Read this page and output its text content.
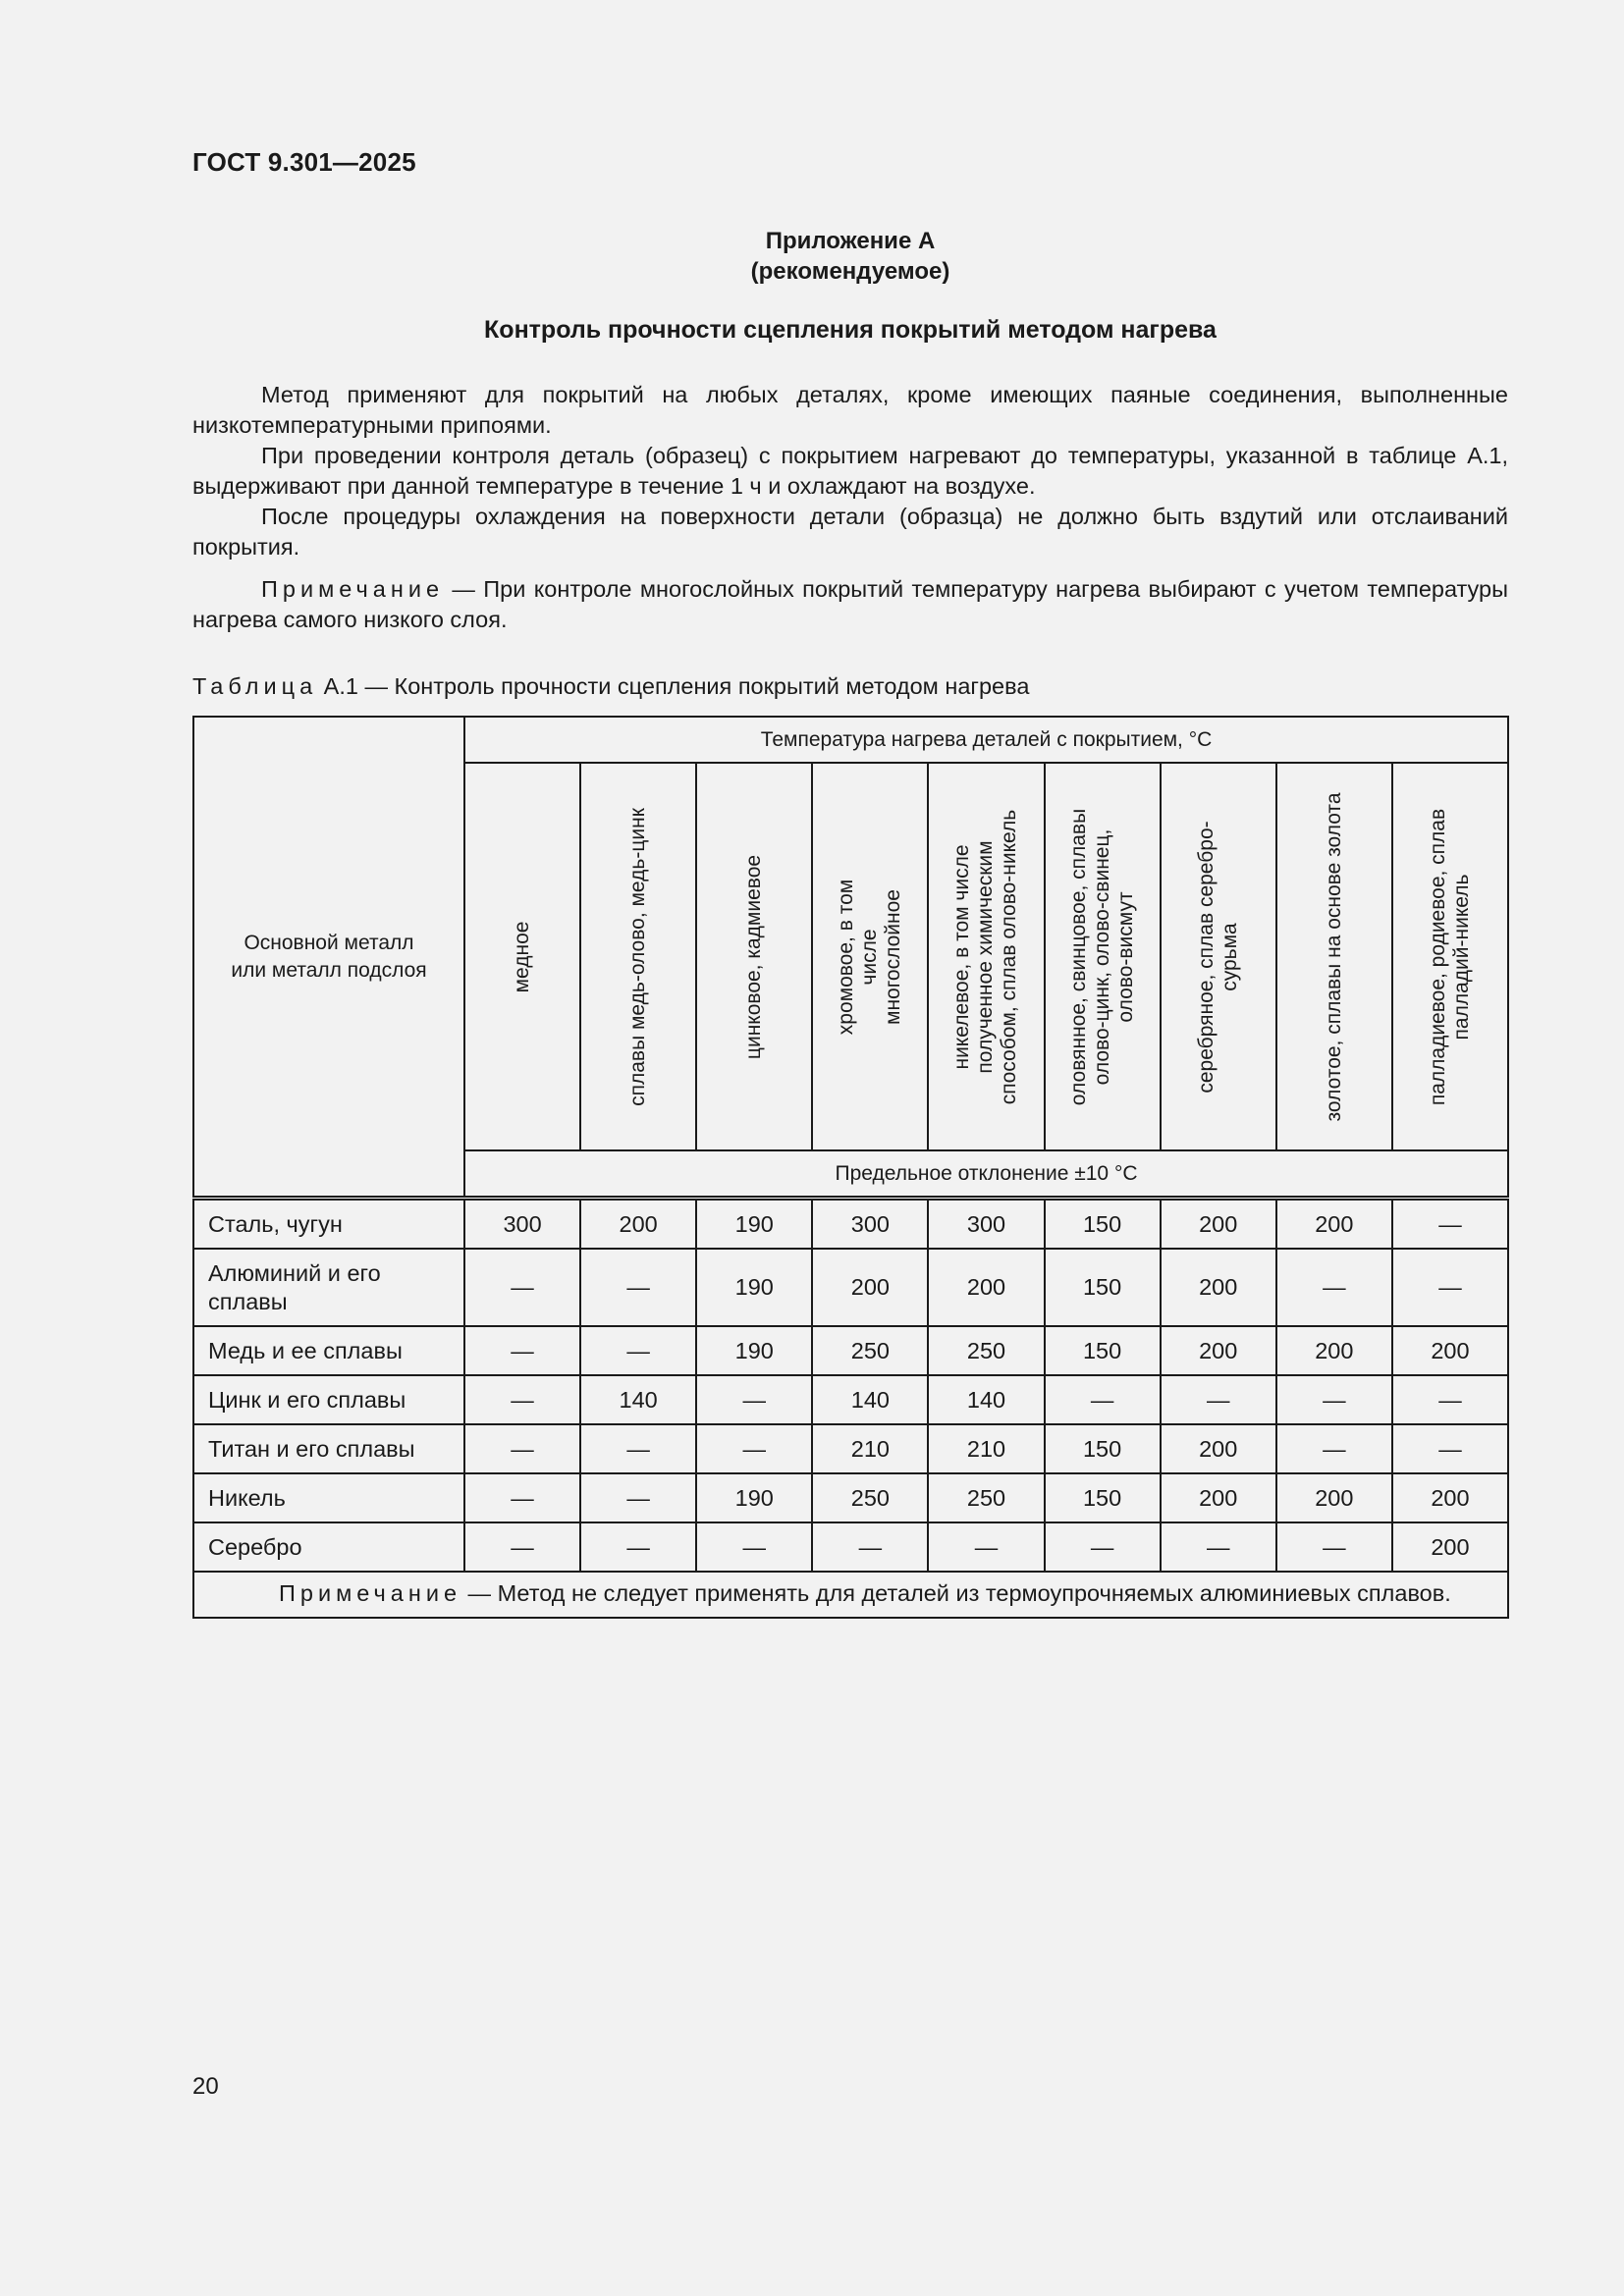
ГОСТ 9.301—2025
Приложение А
(рекомендуемое)
Контроль прочности сцепления покрытий методом нагрева

Метод применяют для покрытий на любых деталях, кроме имеющих паяные соединения, выполненные низкотемпературными припоями.

При проведении контроля деталь (образец) с покрытием нагревают до температуры, указанной в таблице А.1, выдерживают при данной температуре в течение 1 ч и охлаждают на воздухе.

После процедуры охлаждения на поверхности детали (образца) не должно быть вздутий или отслаиваний покрытия.

Примечание — При контроле многослойных покрытий температуру нагрева выбирают с учетом температуры нагрева самого низкого слоя.

Таблица А.1 — Контроль прочности сцепления покрытий методом нагрева
Основной металл
или металл подслоя	Температура нагрева деталей с покрытием, °С								

	медное	сплавы медь-олово, медь-цинк	цинковое, кадмиевое	хромовое, в том числе многослойное	никелевое, в том числе полученное химическим способом, сплав олово-никель	оловянное, свинцовое, сплавы олово-цинк, олово-свинец, олово-висмут	серебряное, сплав серебро-сурьма	золотое, сплавы на основе золота	палладиевое, родиевое, сплав палладий-никель

	Предельное отклонение ±10 °С								
Сталь, чугун	300	200	190	300	300	150	200	200	—
Алюминий и его сплавы	—	—	190	200	200	150	200	—	—
Медь и ее сплавы	—	—	190	250	250	150	200	200	200
Цинк и его сплавы	—	140	—	140	140	—	—	—	—
Титан и его сплавы	—	—	—	210	210	150	200	—	—
Никель	—	—	190	250	250	150	200	200	200
Серебро	—	—	—	—	—	—	—	—	200
Примечание — Метод не следует применять для деталей из термоупрочняемых алюминиевых сплавов.									
20
